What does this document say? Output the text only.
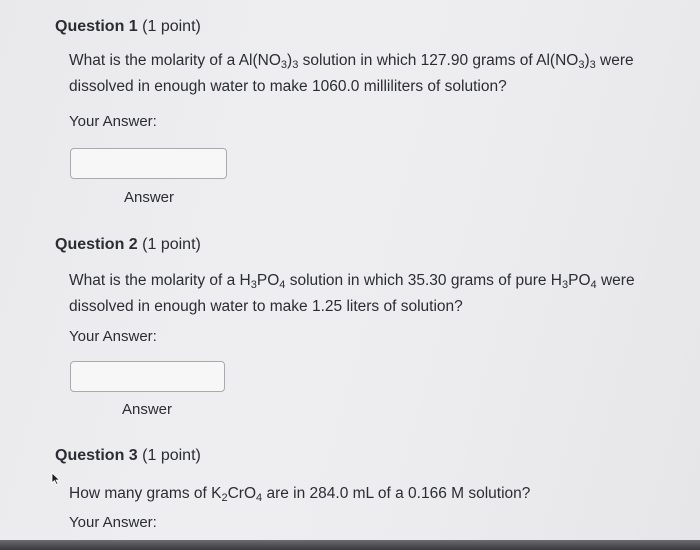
Question 1 (1 point)
What is the molarity of a $Al(NO_3)_3$ solution in which 127.90 grams of $Al(NO_3)_3$ were
dissolved in enough water to make 1060.0 milliliters of solution?
Your Answer:
Answer
Question 2 (1 point)
What is the molarity of a $H_3PO_4$ solution in which 35.30 grams of pure $H_3PO_4$ were
dissolved in enough water to make 1.25 liters of solution?
Your Answer:
Answer
Question 3 (1 point)
How many grams of $K_2CrO_4$ are in 284.0 mL of a 0.166 M solution?
Your Answer:
